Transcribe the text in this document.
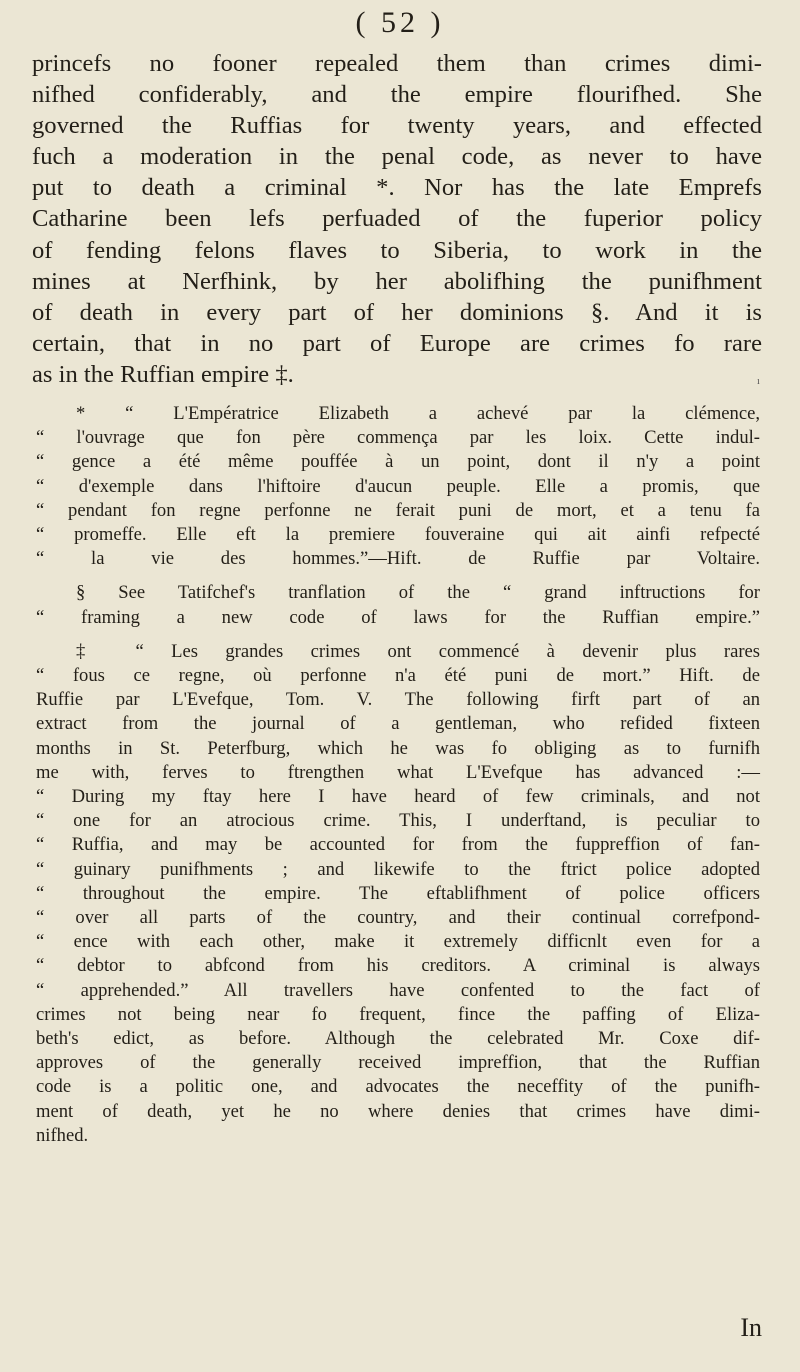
( 52 )
princefs no fooner repealed them than crimes dimi-
nifhed confiderably, and the empire flourifhed. She
governed the Ruffias for twenty years, and effected
fuch a moderation in the penal code, as never to have
put to death a criminal *. Nor has the late Emprefs
Catharine been lefs perfuaded of the fuperior policy
of fending felons flaves to Siberia, to work in the
mines at Nerfhink, by her abolifhing the punifhment
of death in every part of her dominions §. And it is
certain, that in no part of Europe are crimes fo rare
as in the Ruffian empire ‡.	ı
* “ L'Empératrice Elizabeth a achevé par la clémence,
“ l'ouvrage que fon père commença par les loix. Cette indul-
“ gence a été même pouffée à un point, dont il n'y a point
“ d'exemple dans l'hiftoire d'aucun peuple. Elle a promis, que
“ pendant fon regne perfonne ne ferait puni de mort, et a tenu fa
“ promeffe. Elle eft la premiere fouveraine qui ait ainfi refpecté
“ la vie des hommes.”—Hift. de Ruffie par Voltaire.
§ See Tatifchef's tranflation of the “ grand inftructions for
“ framing a new code of laws for the Ruffian empire.”
‡ “ Les grandes crimes ont commencé à devenir plus rares
“ fous ce regne, où perfonne n'a été puni de mort.” Hift. de
Ruffie par L'Evefque, Tom. V. The following firft part of an
extract from the journal of a gentleman, who refided fixteen
months in St. Peterfburg, which he was fo obliging as to furnifh
me with, ferves to ftrengthen what L'Evefque has advanced :—
“ During my ftay here I have heard of few criminals, and not
“ one for an atrocious crime. This, I underftand, is peculiar to
“ Ruffia, and may be accounted for from the fuppreffion of fan-
“ guinary punifhments ; and likewife to the ftrict police adopted
“ throughout the empire. The eftablifhment of police officers
“ over all parts of the country, and their continual correfpond-
“ ence with each other, make it extremely difficnlt even for a
“ debtor to abfcond from his creditors. A criminal is always
“ apprehended.” All travellers have confented to the fact of
crimes not being near fo frequent, fince the paffing of Eliza-
beth's edict, as before. Although the celebrated Mr. Coxe dif-
approves of the generally received impreffion, that the Ruffian
code is a politic one, and advocates the neceffity of the punifh-
ment of death, yet he no where denies that crimes have dimi-
nifhed.
In
